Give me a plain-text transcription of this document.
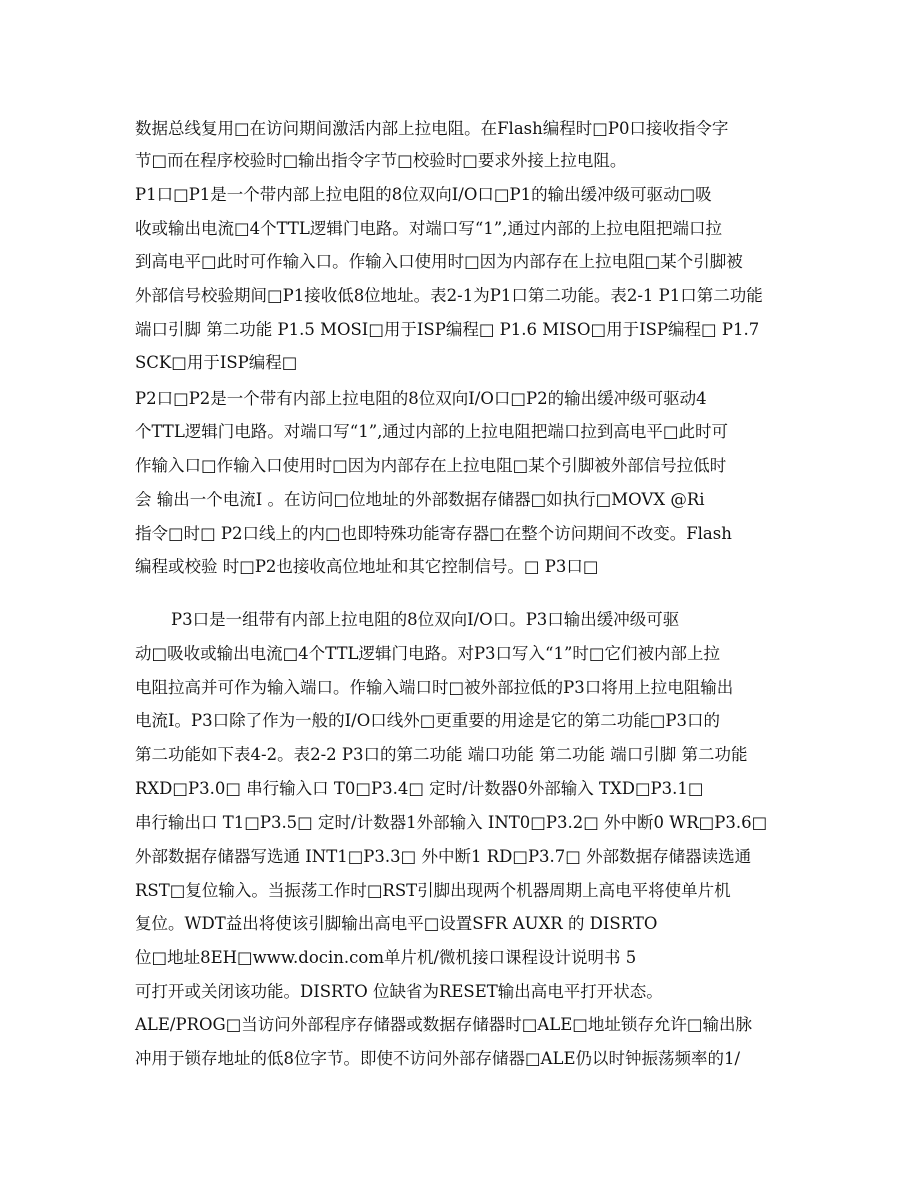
数据总线复用□在访问期间激活内部上拉电阻。在Flash编程时□P0口接收指令字
节□而在程序校验时□输出指令字节□校验时□要求外接上拉电阻。
P1口□P1是一个带内部上拉电阻的8位双向I/O口□P1的输出缓冲级可驱动□吸
收或输出电流□4个TTL逻辑门电路。对端口写“1”,通过内部的上拉电阻把端口拉
到高电平□此时可作输入口。作输入口使用时□因为内部存在上拉电阻□某个引脚被
外部信号校验期间□P1接收低8位地址。表2-1为P1口第二功能。表2-1 P1口第二功能
端口引脚 第二功能 P1.5 MOSI□用于ISP编程□ P1.6 MISO□用于ISP编程□ P1.7
SCK□用于ISP编程□
P2口□P2是一个带有内部上拉电阻的8位双向I/O口□P2的输出缓冲级可驱动4
个TTL逻辑门电路。对端口写“1”,通过内部的上拉电阻把端口拉到高电平□此时可
作输入口□作输入口使用时□因为内部存在上拉电阻□某个引脚被外部信号拉低时
会 输出一个电流I 。在访问□位地址的外部数据存储器□如执行□MOVX @Ri
指令□时□ P2口线上的内□也即特殊功能寄存器□在整个访问期间不改变。Flash
编程或校验 时□P2也接收高位地址和其它控制信号。□ P3口□
P3口是一组带有内部上拉电阻的8位双向I/O口。P3口输出缓冲级可驱
动□吸收或输出电流□4个TTL逻辑门电路。对P3口写入“1”时□它们被内部上拉
电阻拉高并可作为输入端口。作输入端口时□被外部拉低的P3口将用上拉电阻输出
电流I。P3口除了作为一般的I/O口线外□更重要的用途是它的第二功能□P3口的
第二功能如下表4-2。表2-2 P3口的第二功能 端口功能 第二功能 端口引脚 第二功能
RXD□P3.0□ 串行输入口 T0□P3.4□ 定时/计数器0外部输入 TXD□P3.1□
串行输出口 T1□P3.5□ 定时/计数器1外部输入 INT0□P3.2□ 外中断0 WR□P3.6□
外部数据存储器写选通 INT1□P3.3□ 外中断1 RD□P3.7□ 外部数据存储器读选通
RST□复位输入。当振荡工作时□RST引脚出现两个机器周期上高电平将使单片机
复位。WDT益出将使该引脚输出高电平□设置SFR AUXR 的 DISRTO
位□地址8EH□www.docin.com单片机/微机接口课程设计说明书 5
可打开或关闭该功能。DISRTO 位缺省为RESET输出高电平打开状态。
ALE/PROG□当访问外部程序存储器或数据存储器时□ALE□地址锁存允许□输出脉
冲用于锁存地址的低8位字节。即使不访问外部存储器□ALE仍以时钟振荡频率的1/
